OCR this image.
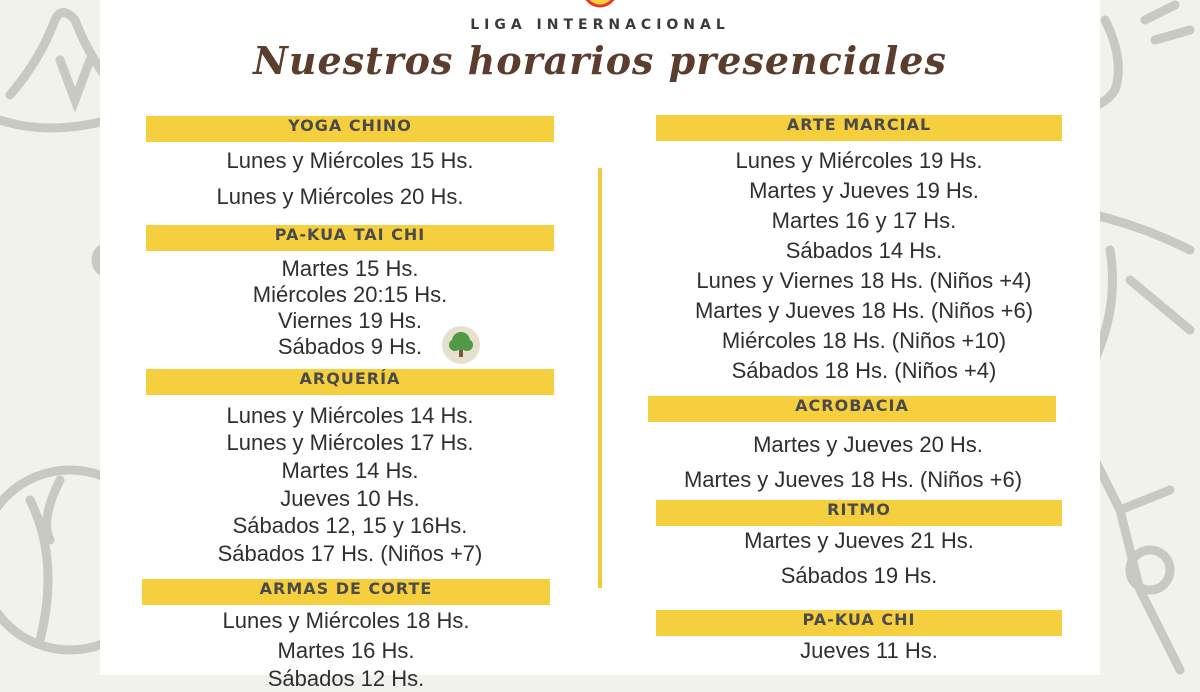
LIGA INTERNACIONAL
Nuestros horarios presenciales
YOGA CHINO
Lunes y Miércoles 15 Hs.
Lunes y Miércoles 20 Hs.
PA-KUA TAI CHI
Martes 15 Hs.
Miércoles 20:15 Hs.
Viernes 19 Hs.
Sábados 9 Hs.
ARQUERÍA
Lunes y Miércoles 14 Hs.
Lunes y Miércoles 17 Hs.
Martes 14 Hs.
Jueves 10 Hs.
Sábados 12, 15 y 16Hs.
Sábados 17 Hs. (Niños +7)
ARMAS DE CORTE
Lunes y Miércoles 18 Hs.
Martes 16 Hs.
Sábados 12 Hs.
ARTE MARCIAL
Lunes y Miércoles 19 Hs.
Martes y Jueves 19 Hs.
Martes 16 y 17 Hs.
Sábados 14 Hs.
Lunes y Viernes 18 Hs. (Niños +4)
Martes y Jueves 18 Hs. (Niños +6)
Miércoles 18 Hs. (Niños +10)
Sábados 18 Hs. (Niños +4)
ACROBACIA
Martes y Jueves 20 Hs.
Martes y Jueves 18 Hs. (Niños +6)
RITMO
Martes y Jueves 21 Hs.
Sábados 19 Hs.
PA-KUA CHI
Jueves 11 Hs.
